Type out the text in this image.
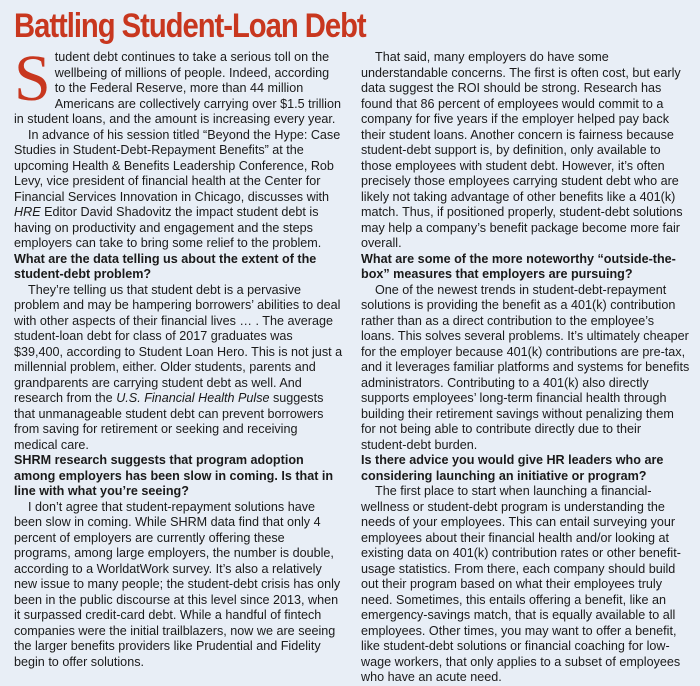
Battling Student-Loan Debt

Student debt continues to take a serious toll on the wellbeing of millions of people. Indeed, according to the Federal Reserve, more than 44 million Americans are collectively carrying over $1.5 trillion in student loans, and the amount is increasing every year.

In advance of his session titled “Beyond the Hype: Case Studies in Student-Debt-Repayment Benefits” at the upcoming Health & Benefits Leadership Conference, Rob Levy, vice president of financial health at the Center for Financial Services Innovation in Chicago, discusses with HRE Editor David Shadovitz the impact student debt is having on productivity and engagement and the steps employers can take to bring some relief to the problem.

What are the data telling us about the extent of the student-debt problem?

They’re telling us that student debt is a pervasive problem and may be hampering borrowers’ abilities to deal with other aspects of their financial lives … . The average student-loan debt for class of 2017 graduates was $39,400, according to Student Loan Hero. This is not just a millennial problem, either. Older students, parents and grandparents are carrying student debt as well. And research from the U.S. Financial Health Pulse suggests that unmanageable student debt can prevent borrowers from saving for retirement or seeking and receiving medical care.

SHRM research suggests that program adoption among employers has been slow in coming. Is that in line with what you’re seeing?

I don’t agree that student-repayment solutions have been slow in coming. While SHRM data find that only 4 percent of employers are currently offering these programs, among large employers, the number is double, according to a WorldatWork survey. It’s also a relatively new issue to many people; the student-debt crisis has only been in the public discourse at this level since 2013, when it surpassed credit-card debt. While a handful of fintech companies were the initial trailblazers, now we are seeing the larger benefits providers like Prudential and Fidelity begin to offer solutions.

That said, many employers do have some understandable concerns. The first is often cost, but early data suggest the ROI should be strong. Research has found that 86 percent of employees would commit to a company for five years if the employer helped pay back their student loans. Another concern is fairness because student-debt support is, by definition, only available to those employees with student debt. However, it’s often precisely those employees carrying student debt who are likely not taking advantage of other benefits like a 401(k) match. Thus, if positioned properly, student-debt solutions may help a company’s benefit package become more fair overall.

What are some of the more noteworthy “outside-the-box” measures that employers are pursuing?

One of the newest trends in student-debt-repayment solutions is providing the benefit as a 401(k) contribution rather than as a direct contribution to the employee’s loans. This solves several problems. It’s ultimately cheaper for the employer because 401(k) contributions are pre-tax, and it leverages familiar platforms and systems for benefits administrators. Contributing to a 401(k) also directly supports employees’ long-term financial health through building their retirement savings without penalizing them for not being able to contribute directly due to their student-debt burden.

Is there advice you would give HR leaders who are considering launching an initiative or program?

The first place to start when launching a financial-wellness or student-debt program is understanding the needs of your employees. This can entail surveying your employees about their financial health and/or looking at existing data on 401(k) contribution rates or other benefit-usage statistics. From there, each company should build out their program based on what their employees truly need. Sometimes, this entails offering a benefit, like an emergency-savings match, that is equally available to all employees. Other times, you may want to offer a benefit, like student-debt solutions or financial coaching for low-wage workers, that only applies to a subset of employees who have an acute need.
